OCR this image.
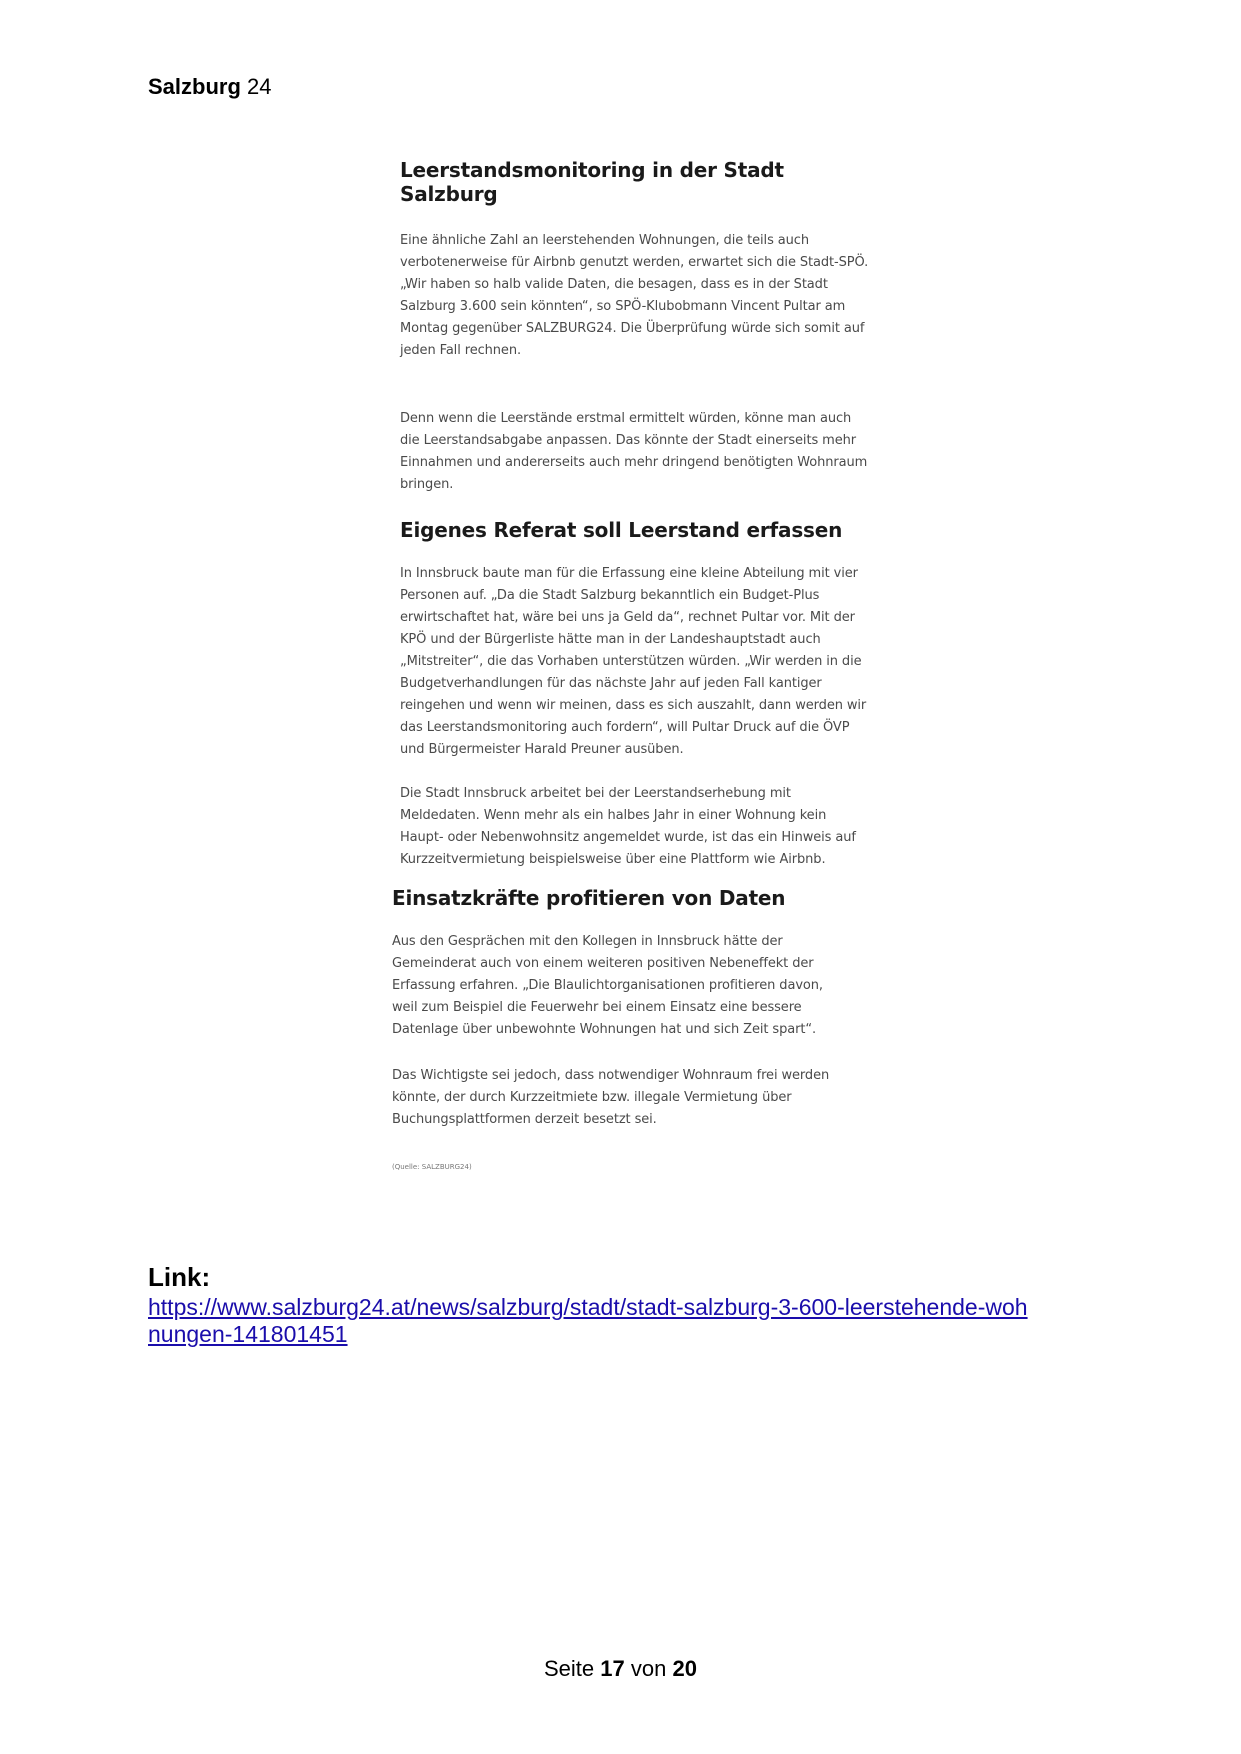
Salzburg 24
Leerstandsmonitoring in der Stadt Salzburg

Eine ähnliche Zahl an leerstehenden Wohnungen, die teils auch verbotenerweise für Airbnb genutzt werden, erwartet sich die Stadt-SPÖ. „Wir haben so halb valide Daten, die besagen, dass es in der Stadt Salzburg 3.600 sein könnten“, so SPÖ-Klubobmann Vincent Pultar am Montag gegenüber SALZBURG24. Die Überprüfung würde sich somit auf jeden Fall rechnen.

Denn wenn die Leerstände erstmal ermittelt würden, könne man auch die Leerstandsabgabe anpassen. Das könnte der Stadt einerseits mehr Einnahmen und andererseits auch mehr dringend benötigten Wohnraum bringen.

Eigenes Referat soll Leerstand erfassen

In Innsbruck baute man für die Erfassung eine kleine Abteilung mit vier Personen auf. „Da die Stadt Salzburg bekanntlich ein Budget-Plus erwirtschaftet hat, wäre bei uns ja Geld da“, rechnet Pultar vor. Mit der KPÖ und der Bürgerliste hätte man in der Landeshauptstadt auch „Mitstreiter“, die das Vorhaben unterstützen würden. „Wir werden in die Budgetverhandlungen für das nächste Jahr auf jeden Fall kantiger reingehen und wenn wir meinen, dass es sich auszahlt, dann werden wir das Leerstandsmonitoring auch fordern“, will Pultar Druck auf die ÖVP und Bürgermeister Harald Preuner ausüben.

Die Stadt Innsbruck arbeitet bei der Leerstandserhebung mit Meldedaten. Wenn mehr als ein halbes Jahr in einer Wohnung kein Haupt- oder Nebenwohnsitz angemeldet wurde, ist das ein Hinweis auf Kurzzeitvermietung beispielsweise über eine Plattform wie Airbnb.

Einsatzkräfte profitieren von Daten

Aus den Gesprächen mit den Kollegen in Innsbruck hätte der Gemeinderat auch von einem weiteren positiven Nebeneffekt der Erfassung erfahren. „Die Blaulichtorganisationen profitieren davon, weil zum Beispiel die Feuerwehr bei einem Einsatz eine bessere Datenlage über unbewohnte Wohnungen hat und sich Zeit spart“.

Das Wichtigste sei jedoch, dass notwendiger Wohnraum frei werden könnte, der durch Kurzzeitmiete bzw. illegale Vermietung über Buchungsplattformen derzeit besetzt sei.

(Quelle: SALZBURG24)
Link:
https://www.salzburg24.at/news/salzburg/stadt/stadt-salzburg-3-600-leerstehende-wohnungen-141801451
Seite 17 von 20
